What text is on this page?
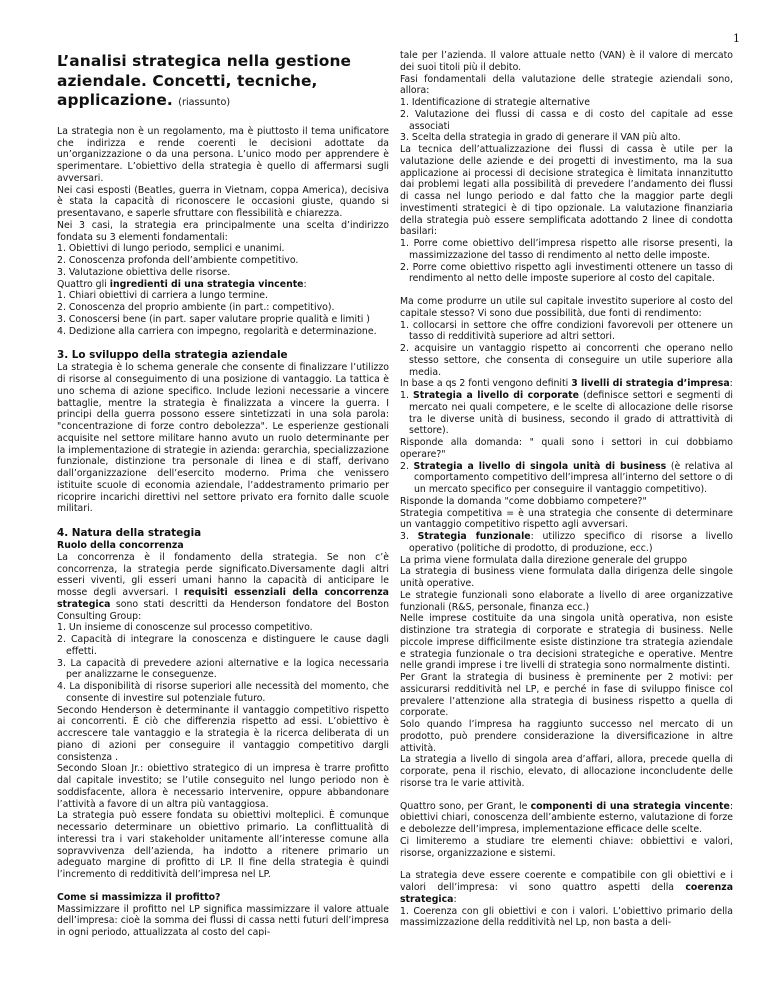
1
L’analisi strategica nella gestione aziendale. Concetti, tecniche, applicazione. (riassunto)

La strategia non è un regolamento, ma è piuttosto il tema unificatore che indirizza e rende coerenti le decisioni adottate da un’organizzazione o da una persona. L’unico modo per apprendere è sperimentare. L’obiettivo della strategia è quello di affermarsi sugli avversari.

Nei casi esposti (Beatles, guerra in Vietnam, coppa America), decisiva è stata la capacità di riconoscere le occasioni giuste, quando si presentavano, e saperle sfruttare con flessibilità e chiarezza.

Nei 3 casi, la strategia era principalmente una scelta d’indirizzo fondata su 3 elementi fondamentali:

1. Obiettivi di lungo periodo, semplici e unanimi.
2. Conoscenza profonda dell’ambiente competitivo.
3. Valutazione obiettiva delle risorse.

Quattro gli ingredienti di una strategia vincente:

1. Chiari obiettivi di carriera a lungo termine.
2. Conoscenza del proprio ambiente (in part.: competitivo).
3. Conoscersi bene (in part. saper valutare proprie qualità e limiti )
4. Dedizione alla carriera con impegno, regolarità e determinazione.
3. Lo sviluppo della strategia aziendale

La strategia è lo schema generale che consente di finalizzare l’utilizzo di risorse al conseguimento di una posizione di vantaggio. La tattica è uno schema di azione specifico. Include lezioni necessarie a vincere battaglie, mentre la strategia è finalizzata a vincere la guerra. I principi della guerra possono essere sintetizzati in una sola parola: "concentrazione di forze contro debolezza". Le esperienze gestionali acquisite nel settore militare hanno avuto un ruolo determinante per la implementazione di strategie in azienda: gerarchia, specializzazione funzionale, distinzione tra personale di linea e di staff, derivano dall’organizzazione dell’esercito moderno. Prima che venissero istituite scuole di economia aziendale, l’addestramento primario per ricoprire incarichi direttivi nel settore privato era fornito dalle scuole militari.

4. Natura della strategia
Ruolo della concorrenza

La concorrenza è il fondamento della strategia. Se non c’è concorrenza, la strategia perde significato.Diversamente dagli altri esseri viventi, gli esseri umani hanno la capacità di anticipare le mosse degli avversari. I requisiti essenziali della concorrenza strategica sono stati descritti da Henderson fondatore del Boston Consulting Group:

1. Un insieme di conoscenze sul processo competitivo.
2. Capacità di integrare la conoscenza e distinguere le cause dagli effetti.
3. La capacità di prevedere azioni alternative e la logica necessaria per analizzarne le conseguenze.
4. La disponibilità di risorse superiori alle necessità del momento, che consente di investire sul potenziale futuro.

Secondo Henderson è determinante il vantaggio competitivo rispetto ai concorrenti. È ciò che differenzia rispetto ad essi. L’obiettivo è accrescere tale vantaggio e la strategia è la ricerca deliberata di un piano di azioni per conseguire il vantaggio competitivo dargli consistenza .

Secondo Sloan Jr.: obiettivo strategico di un impresa è trarre profitto dal capitale investito; se l’utile conseguito nel lungo periodo non è soddisfacente, allora è necessario intervenire, oppure abbandonare l’attività a favore di un altra più vantaggiosa.

La strategia può essere fondata su obiettivi molteplici. È comunque necessario determinare un obiettivo primario. La conflittualità di interessi tra i vari stakeholder unitamente all’interesse comune alla sopravvivenza dell’azienda, ha indotto a ritenere primario un adeguato margine di profitto di LP. Il fine della strategia è quindi l’incremento di redditività dell’impresa nel LP.

Come si massimizza il profitto?

Massimizzare il profitto nel LP significa massimizzare il valore attuale dell’impresa: cioè la somma dei flussi di cassa netti futuri dell’impresa in ogni periodo, attualizzata al costo del capi-

tale per l’azienda. Il valore attuale netto (VAN) è il valore di mercato dei suoi titoli più il debito.

Fasi fondamentali della valutazione delle strategie aziendali sono, allora:

1. Identificazione di strategie alternative
2. Valutazione dei flussi di cassa e di costo del capitale ad esse associati
3. Scelta della strategia in grado di generare il VAN più alto.

La tecnica dell’attualizzazione dei flussi di cassa è utile per la valutazione delle aziende e dei progetti di investimento, ma la sua applicazione ai processi di decisione strategica è limitata innanzitutto dai problemi legati alla possibilità di prevedere l’andamento dei flussi di cassa nel lungo periodo e dal fatto che la maggior parte degli investimenti strategici è di tipo opzionale. La valutazione finanziaria della strategia può essere semplificata adottando 2 linee di condotta basilari:

1. Porre come obiettivo dell’impresa rispetto alle risorse presenti, la massimizzazione del tasso di rendimento al netto delle imposte.
2. Porre come obiettivo rispetto agli investimenti ottenere un tasso di rendimento al netto delle imposte superiore al costo del capitale.

Ma come produrre un utile sul capitale investito superiore al costo del capitale stesso? Vi sono due possibilità, due fonti di rendimento:

1. collocarsi in settore che offre condizioni favorevoli per ottenere un tasso di redditività superiore ad altri settori.
2. acquisire un vantaggio rispetto ai concorrenti che operano nello stesso settore, che consenta di conseguire un utile superiore alla media.

In base a qs 2 fonti vengono definiti 3 livelli di strategia d’impresa:

1. Strategia a livello di corporate (definisce settori e segmenti di mercato nei quali competere, e le scelte di allocazione delle risorse tra le diverse unità di business, secondo il grado di attrattività di settore).

Risponde alla domanda: " quali sono i settori in cui dobbiamo operare?"

2. Strategia a livello di singola unità di business (è relativa al comportamento competitivo dell’impresa all’interno del settore o di un mercato specifico per conseguire il vantaggio competitivo).

Risponde la domanda "come dobbiamo competere?"

Strategia competitiva = è una strategia che consente di determinare un vantaggio competitivo rispetto agli avversari.

3. Strategia funzionale: utilizzo specifico di risorse a livello operativo (politiche di prodotto, di produzione, ecc.)

La prima viene formulata dalla direzione generale del gruppo

La strategia di business viene formulata dalla dirigenza delle singole unità operative.

Le strategie funzionali sono elaborate a livello di aree organizzative funzionali (R&S, personale, finanza ecc.)

Nelle imprese costituite da una singola unità operativa, non esiste distinzione tra strategia di corporate e strategia di business. Nelle piccole imprese difficilmente esiste distinzione tra strategia aziendale e strategia funzionale o tra decisioni strategiche e operative. Mentre nelle grandi imprese i tre livelli di strategia sono normalmente distinti.

Per Grant la strategia di business è preminente per 2 motivi: per assicurarsi redditività nel LP, e perché in fase di sviluppo finisce col prevalere l’attenzione alla strategia di business rispetto a quella di corporate.

Solo quando l’impresa ha raggiunto successo nel mercato di un prodotto, può prendere considerazione la diversificazione in altre attività.

La strategia a livello di singola area d’affari, allora, precede quella di corporate, pena il rischio, elevato, di allocazione inconcludente delle risorse tra le varie attività.

Quattro sono, per Grant, le componenti di una strategia vincente: obiettivi chiari, conoscenza dell’ambiente esterno, valutazione di forze e debolezze dell’impresa, implementazione efficace delle scelte.

Ci limiteremo a studiare tre elementi chiave: obbiettivi e valori, risorse, organizzazione e sistemi.

La strategia deve essere coerente e compatibile con gli obiettivi e i valori dell’impresa: vi sono quattro aspetti della coerenza strategica:

1. Coerenza con gli obiettivi e con i valori. L’obiettivo primario della massimizzazione della redditività nel Lp, non basta a deli-
